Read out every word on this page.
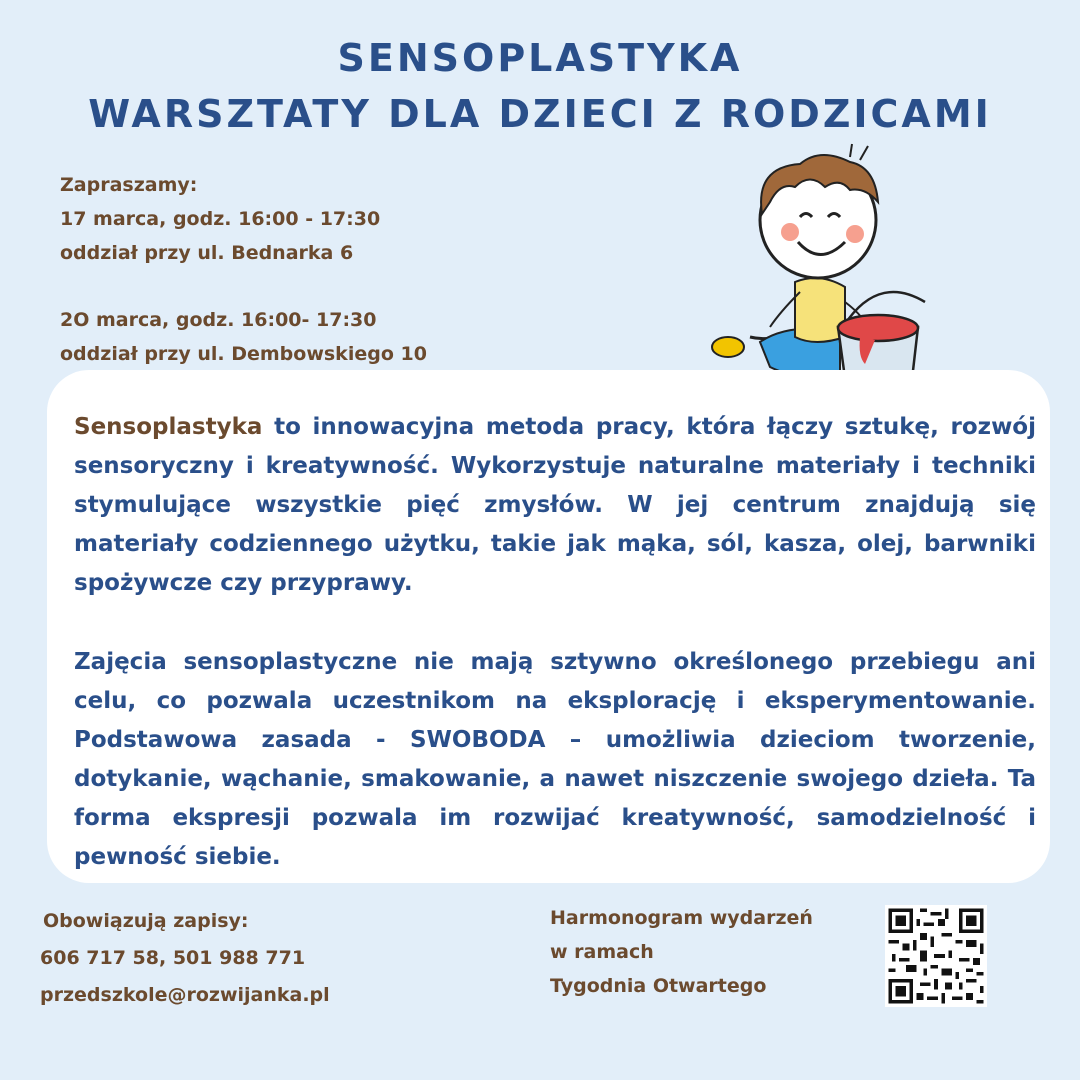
SENSOPLASTYKA
WARSZTATY DLA DZIECI Z RODZICAMI
Zapraszamy:
17 marca, godz. 16:00 - 17:30
oddział przy ul. Bednarka 6
2O marca, godz. 16:00- 17:30
oddział przy ul. Dembowskiego 10

Sensoplastyka to innowacyjna metoda pracy, która łączy sztukę, rozwój sensoryczny i kreatywność. Wykorzystuje naturalne materiały i techniki stymulujące wszystkie pięć zmysłów. W jej centrum znajdują się materiały codziennego użytku, takie jak mąka, sól, kasza, olej, barwniki spożywcze czy przyprawy.

Zajęcia sensoplastyczne nie mają sztywno określonego przebiegu ani celu, co pozwala uczestnikom na eksplorację i eksperymentowanie. Podstawowa zasada - SWOBODA – umożliwia dzieciom tworzenie, dotykanie, wąchanie, smakowanie, a nawet niszczenie swojego dzieła. Ta forma ekspresji pozwala im rozwijać kreatywność, samodzielność i pewność siebie.

Obowiązują zapisy:
606 717 58, 501 988 771
przedszkole@rozwijanka.pl
Harmonogram wydarzeń
w ramach
Tygodnia Otwartego
